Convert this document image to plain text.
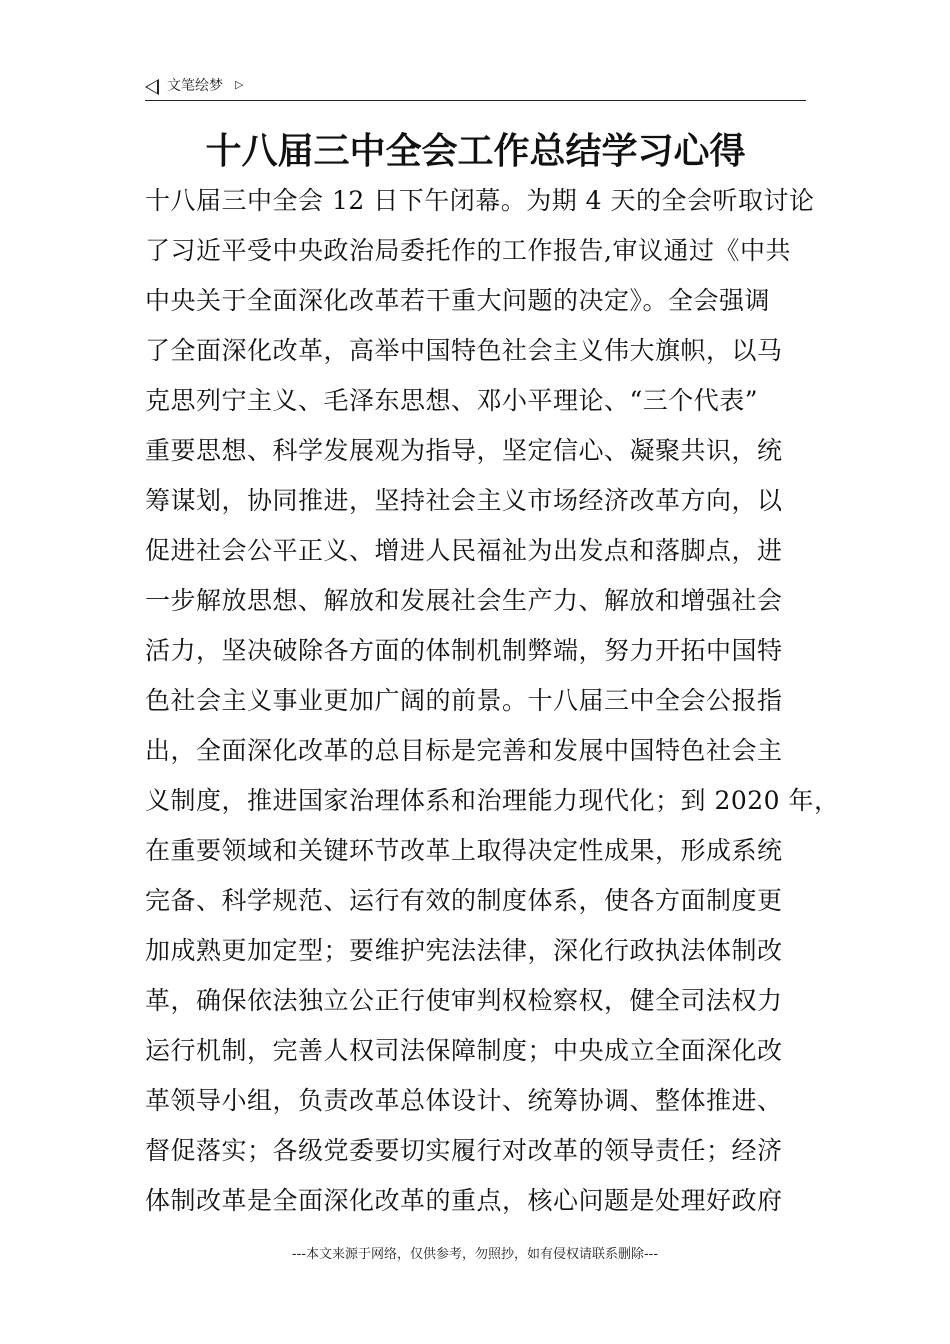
文笔绘梦 ▷
十八届三中全会工作总结学习心得
十八届三中全会 12 日下午闭幕。为期 4 天的全会听取讨论
了习近平受中央政治局委托作的工作报告,审议通过《中共
中央关于全面深化改革若干重大问题的决定》。全会强调
了全面深化改革，高举中国特色社会主义伟大旗帜，以马
克思列宁主义、毛泽东思想、邓小平理论、“三个代表”
重要思想、科学发展观为指导，坚定信心、凝聚共识，统
筹谋划，协同推进，坚持社会主义市场经济改革方向，以
促进社会公平正义、增进人民福祉为出发点和落脚点，进
一步解放思想、解放和发展社会生产力、解放和增强社会
活力，坚决破除各方面的体制机制弊端，努力开拓中国特
色社会主义事业更加广阔的前景。十八届三中全会公报指
出，全面深化改革的总目标是完善和发展中国特色社会主
义制度，推进国家治理体系和治理能力现代化；到 2020 年，
在重要领域和关键环节改革上取得决定性成果，形成系统
完备、科学规范、运行有效的制度体系，使各方面制度更
加成熟更加定型；要维护宪法法律，深化行政执法体制改
革，确保依法独立公正行使审判权检察权，健全司法权力
运行机制，完善人权司法保障制度；中央成立全面深化改
革领导小组，负责改革总体设计、统筹协调、整体推进、
督促落实；各级党委要切实履行对改革的领导责任；经济
体制改革是全面深化改革的重点，核心问题是处理好政府
---本文来源于网络，仅供参考，勿照抄，如有侵权请联系删除---
